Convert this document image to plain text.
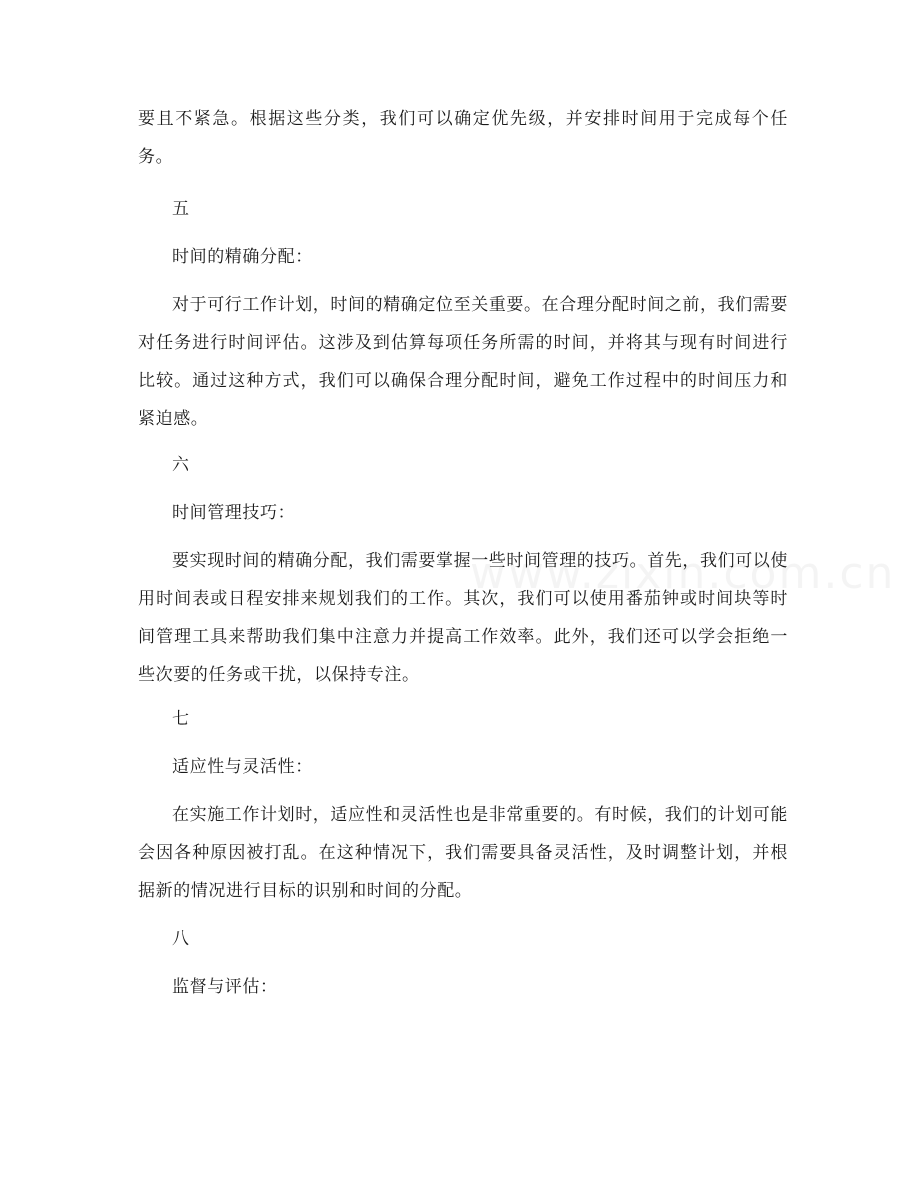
要且不紧急。根据这些分类，我们可以确定优先级，并安排时间用于完成每个任务。

五

时间的精确分配：

对于可行工作计划，时间的精确定位至关重要。在合理分配时间之前，我们需要对任务进行时间评估。这涉及到估算每项任务所需的时间，并将其与现有时间进行比较。通过这种方式，我们可以确保合理分配时间，避免工作过程中的时间压力和紧迫感。

六

时间管理技巧：

要实现时间的精确分配，我们需要掌握一些时间管理的技巧。首先，我们可以使用时间表或日程安排来规划我们的工作。其次，我们可以使用番茄钟或时间块等时间管理工具来帮助我们集中注意力并提高工作效率。此外，我们还可以学会拒绝一些次要的任务或干扰，以保持专注。

七

适应性与灵活性：

在实施工作计划时，适应性和灵活性也是非常重要的。有时候，我们的计划可能会因各种原因被打乱。在这种情况下，我们需要具备灵活性，及时调整计划，并根据新的情况进行目标的识别和时间的分配。

八

监督与评估：
